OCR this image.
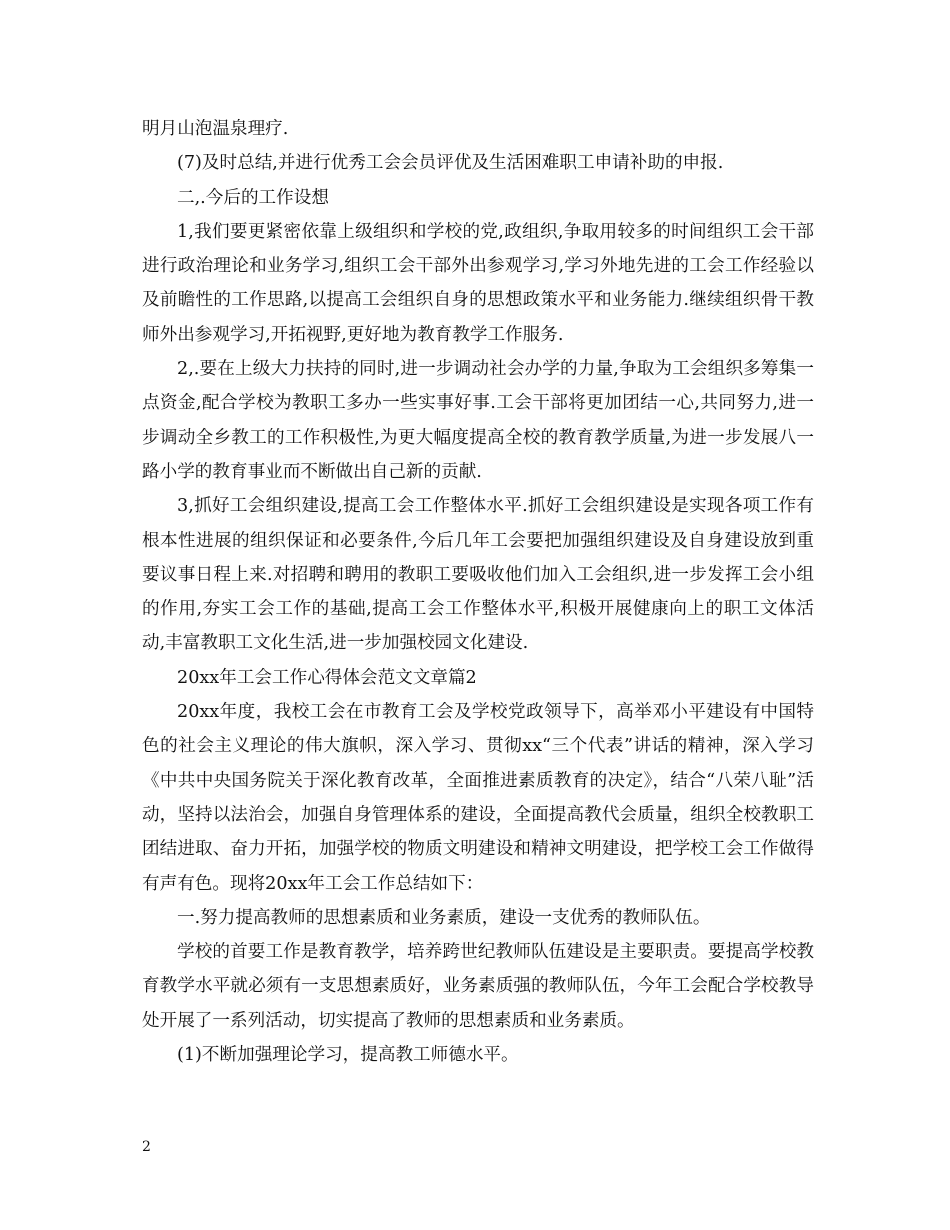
明月山泡温泉理疗.

(7)及时总结,并进行优秀工会会员评优及生活困难职工申请补助的申报.

二,.今后的工作设想

1,我们要更紧密依靠上级组织和学校的党,政组织,争取用较多的时间组织工会干部进行政治理论和业务学习,组织工会干部外出参观学习,学习外地先进的工会工作经验以及前瞻性的工作思路,以提高工会组织自身的思想政策水平和业务能力.继续组织骨干教师外出参观学习,开拓视野,更好地为教育教学工作服务.

2,.要在上级大力扶持的同时,进一步调动社会办学的力量,争取为工会组织多筹集一点资金,配合学校为教职工多办一些实事好事.工会干部将更加团结一心,共同努力,进一步调动全乡教工的工作积极性,为更大幅度提高全校的教育教学质量,为进一步发展八一路小学的教育事业而不断做出自己新的贡献.

3,抓好工会组织建设,提高工会工作整体水平.抓好工会组织建设是实现各项工作有根本性进展的组织保证和必要条件,今后几年工会要把加强组织建设及自身建设放到重要议事日程上来.对招聘和聘用的教职工要吸收他们加入工会组织,进一步发挥工会小组的作用,夯实工会工作的基础,提高工会工作整体水平,积极开展健康向上的职工文体活动,丰富教职工文化生活,进一步加强校园文化建设.

20xx年工会工作心得体会范文文章篇2

20xx年度，我校工会在市教育工会及学校党政领导下，高举邓小平建设有中国特色的社会主义理论的伟大旗帜，深入学习、贯彻xx“三个代表”讲话的精神，深入学习《中共中央国务院关于深化教育改革，全面推进素质教育的决定》，结合“八荣八耻”活动，坚持以法治会，加强自身管理体系的建设，全面提高教代会质量，组织全校教职工团结进取、奋力开拓，加强学校的物质文明建设和精神文明建设，把学校工会工作做得有声有色。现将20xx年工会工作总结如下：

一.努力提高教师的思想素质和业务素质，建设一支优秀的教师队伍。

学校的首要工作是教育教学，培养跨世纪教师队伍建设是主要职责。要提高学校教育教学水平就必须有一支思想素质好，业务素质强的教师队伍，今年工会配合学校教导处开展了一系列活动，切实提高了教师的思想素质和业务素质。

(1)不断加强理论学习，提高教工师德水平。

2
